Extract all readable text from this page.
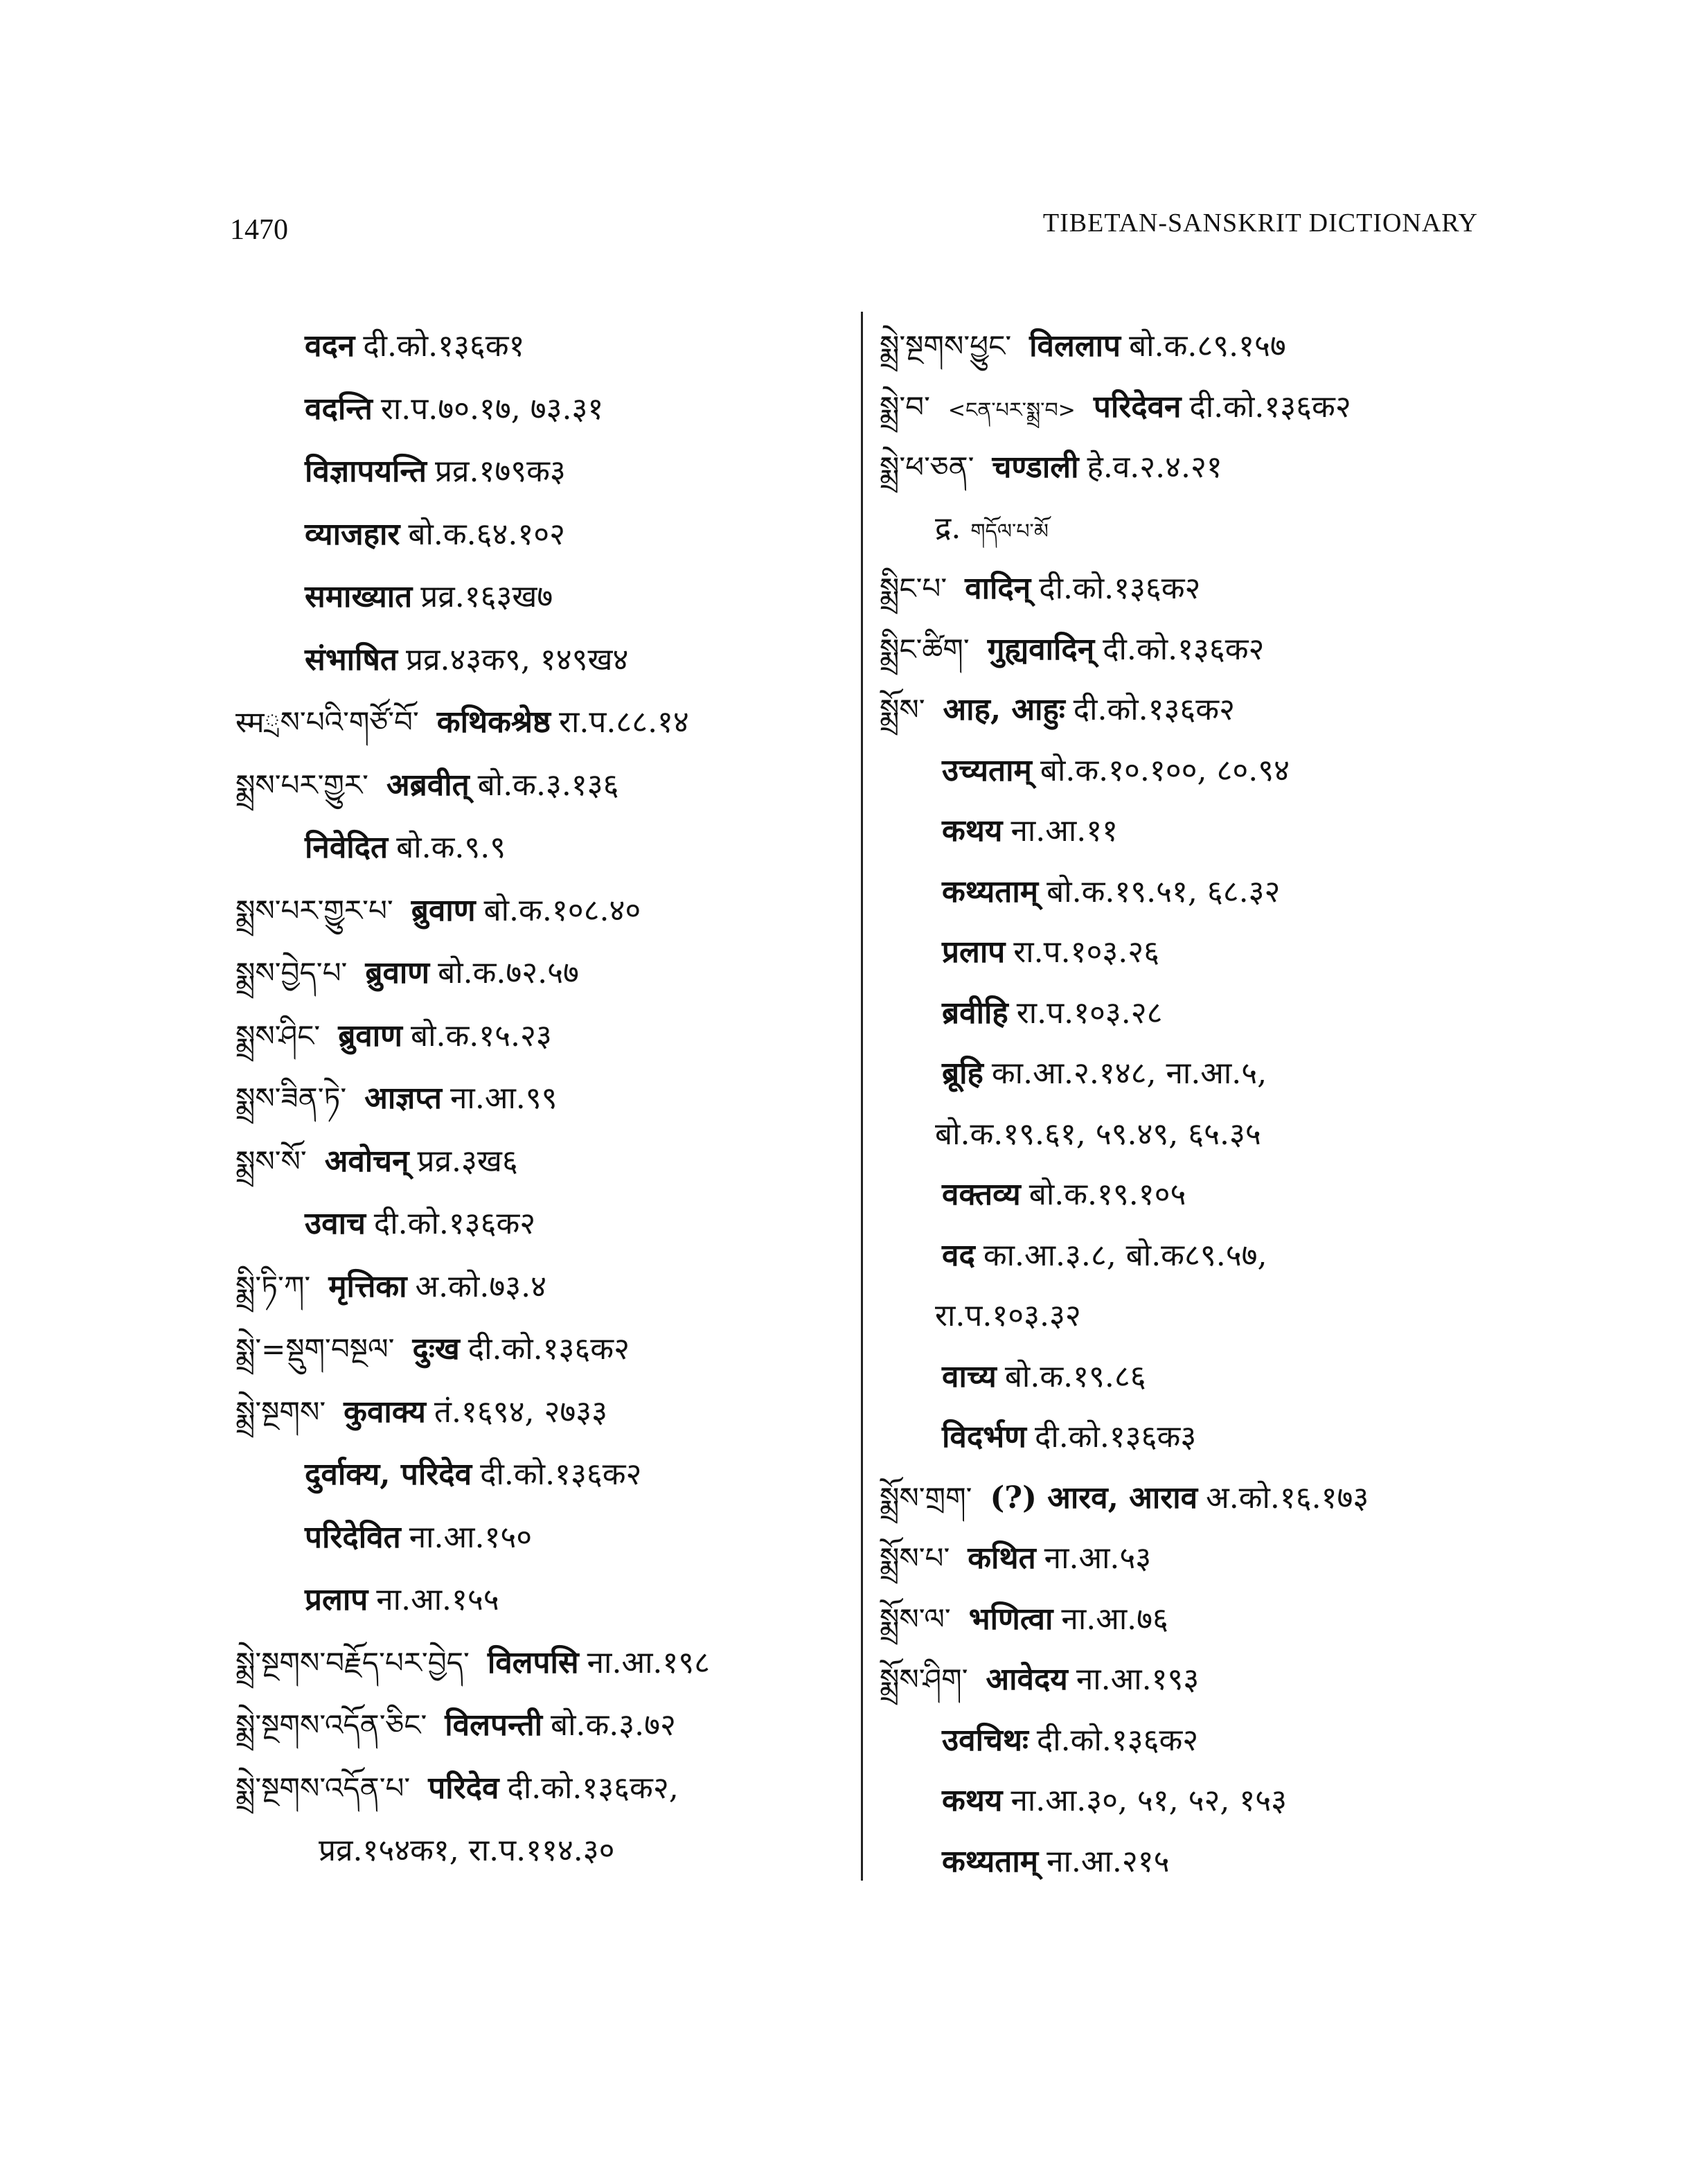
1470	TIBETAN-SANSKRIT DICTIONARY
वदन दी.को.१३६क१
वदन्ति रा.प.७०.१७, ७३.३१
विज्ञापयन्ति प्रव्र.१७९क३
व्याजहार बो.क.६४.१०२
समाख्यात प्रव्र.१६३ख७
संभाषित प्रव्र.४३क९, १४९ख४
स्मྲས་པའི་གཙོ་བོ་ कथिकश्रेष्ठ रा.प.८८.१४
སྨྲས་པར་གྱུར་ अब्रवीत् बो.क.३.१३६
निवेदित बो.क.९.९
སྨྲས་པར་གྱུར་པ་ ब्रुवाण बो.क.१०८.४०
སྨྲས་བྱེད་པ་ ब्रुवाण बो.क.७२.५७
སྨྲས་ཤིང་ ब्रुवाण बो.क.१५.२३
སྨྲས་ཟིན་ཏེ་ आज्ञप्त ना.आ.९९
སྨྲས་སོ་ अवोचन् प्रव्र.३ख६
उवाच दी.को.१३६क२
སྨྲི་ཏི་ཀ་ मृत्तिका अ.को.७३.४
སྨྲེ་=སྡུག་བསྔལ་ दुःख दी.को.१३६क२
སྨྲེ་སྔགས་ कुवाक्य तं.१६९४, २७३३
दुर्वाक्य, परिदेव दी.को.१३६क२
परिदेवित ना.आ.१५०
प्रलाप ना.आ.१५५
སྨྲེ་སྔགས་བརྗོད་པར་བྱེད་ विलपसि ना.आ.१९८
སྨྲེ་སྔགས་འདོན་ཅིང་ विलपन्ती बो.क.३.७२
སྨྲེ་སྔགས་འདོན་པ་ परिदेव दी.को.१३६क२,
प्रव्र.१५४क१, रा.प.११४.३०
སྨྲེ་སྔགས་ཕྱུང་ विललाप बो.क.८९.१५७
སྨྲེ་བ་ <ངན་པར་སྨྲ་བ> परिदेवन दी.को.१३६क२
སྨྲེ་ཕ་ཅན་ चण्डाली हे.व.२.४.२१
द्र. གདོལ་པ་མོ
སྨྲིང་པ་ वादिन् दी.को.१३६क२
སྨྲིང་ཚིག་ गुह्यवादिन् दी.को.१३६क२
སྨྲོས་ आह, आहुः दी.को.१३६क२
उच्यताम् बो.क.१०.१००, ८०.९४
कथय ना.आ.११
कथ्यताम् बो.क.१९.५१, ६८.३२
प्रलाप रा.प.१०३.२६
ब्रवीहि रा.प.१०३.२८
ब्रूहि का.आ.२.१४८, ना.आ.५,
बो.क.१९.६१, ५९.४९, ६५.३५
वक्तव्य बो.क.१९.१०५
वद का.आ.३.८, बो.क८९.५७,
रा.प.१०३.३२
वाच्य बो.क.१९.८६
विदर्भण दी.को.१३६क३
སྨྲོས་གྲག་ (?) आरव, आराव अ.को.१६.१७३
སྨྲོས་པ་ कथित ना.आ.५३
སྨྲོས་ལ་ भणित्वा ना.आ.७६
སྨྲོས་ཤིག་ आवेदय ना.आ.१९३
उवचिथः दी.को.१३६क२
कथय ना.आ.३०, ५१, ५२, १५३
कथ्यताम् ना.आ.२१५
